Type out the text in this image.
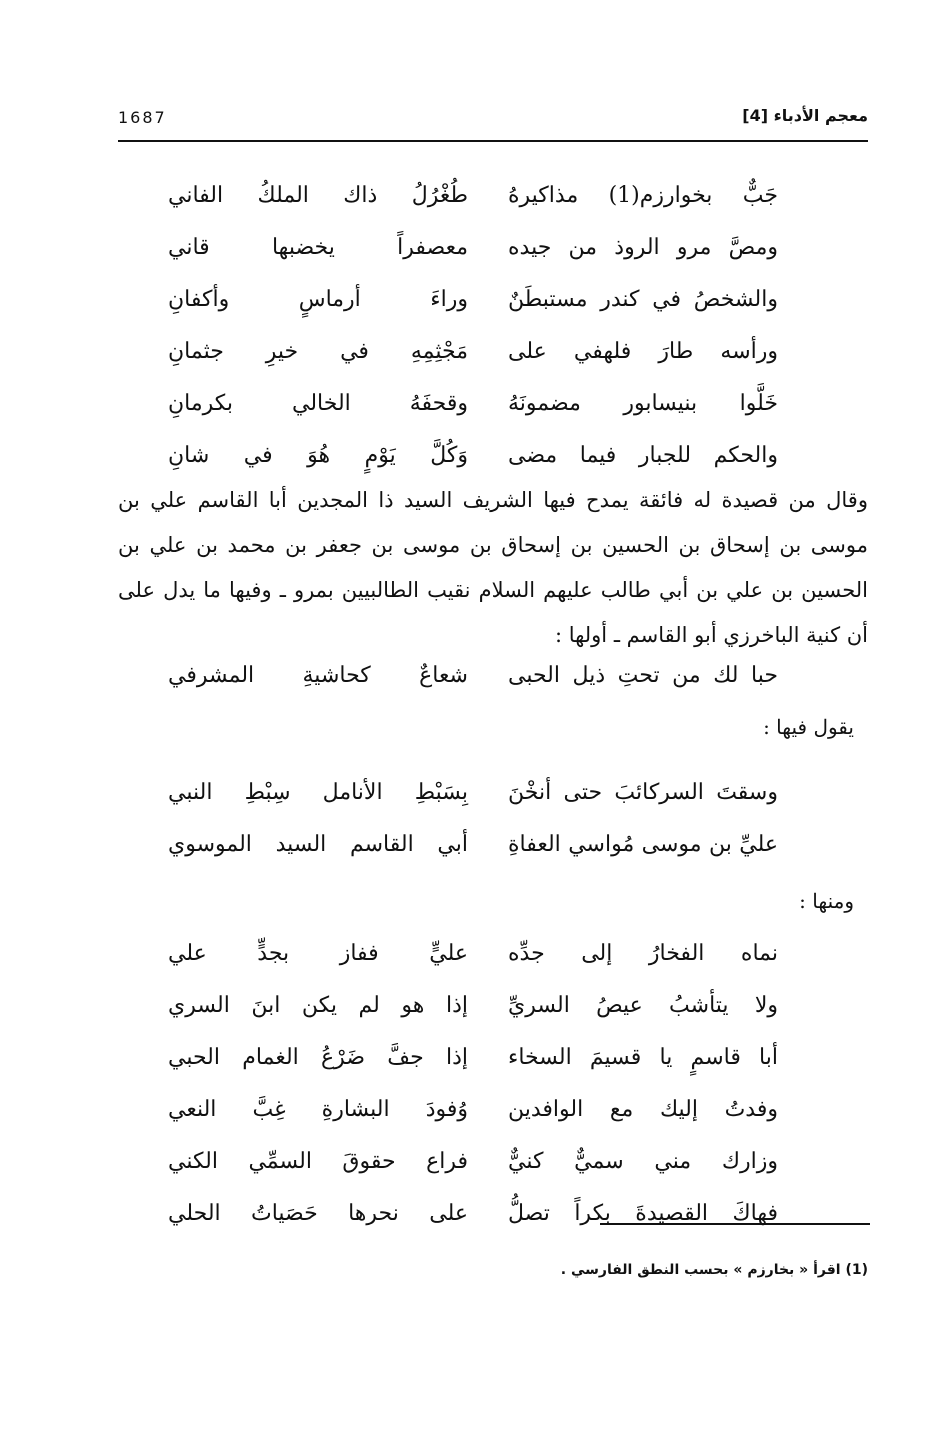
1687	معجم الأدباء [4]
جَبٌّ بخوارزم(1) مذاكيرهُ
طُغْرُلُ ذاك الملكُ الفاني
ومصَّ مرو الروذ من جيده
معصفراً يخضبها قاني
والشخصُ في كندر مستبطَنٌ
وراءَ أرماسٍ وأكفانِ
ورأسه طارَ فلهفي على
مَجْثِمِهِ في خيرِ جثمانِ
خَلَّوا بنيسابور مضمونَهُ
وقحفَهُ الخالي بكرمانِ
والحكم للجبار فيما مضى
وَكُلَّ يَوْمٍ هُوَ في شانِ

وقال من قصيدة له فائقة يمدح فيها الشريف السيد ذا المجدين أبا القاسم علي بن موسى بن إسحاق بن الحسين بن إسحاق بن موسى بن جعفر بن محمد بن علي بن الحسين بن علي بن أبي طالب عليهم السلام نقيب الطالبيين بمرو ـ وفيها ما يدل على أن كنية الباخرزي أبو القاسم ـ أولها :

حبا لك من تحتِ ذيل الحبى
شعاعٌ كحاشيةِ المشرفي
يقول فيها :
وسقتَ السركائبَ حتى أنخْنَ
بِسَبْطِ الأنامل سِبْطِ النبي
عليِّ بن موسى مُواسي العفاةِ
أبي القاسم السيد الموسوي
ومنها :
نماه الفخارُ إلى جدِّه
عليٍّ ففاز بجدٍّ علي
ولا يتأشبُ عيصُ السريِّ
إذا هو لم يكن ابنَ السري
أبا قاسمٍ يا قسيمَ السخاء
إذا جفَّ ضَرْعُ الغمام الحبي
وفدتُ إليك مع الوافدين
وُفودَ البشارةِ غِبَّ النعي
وزارك مني سميٌّ كنيٌّ
فراع حقوقَ السمِّي الكني
فهاكَ القصيدةَ بكراً تصلُّ
على نحرها حَصَياتُ الحلي
(1) اقرأ « بخارزم » بحسب النطق الفارسي .
